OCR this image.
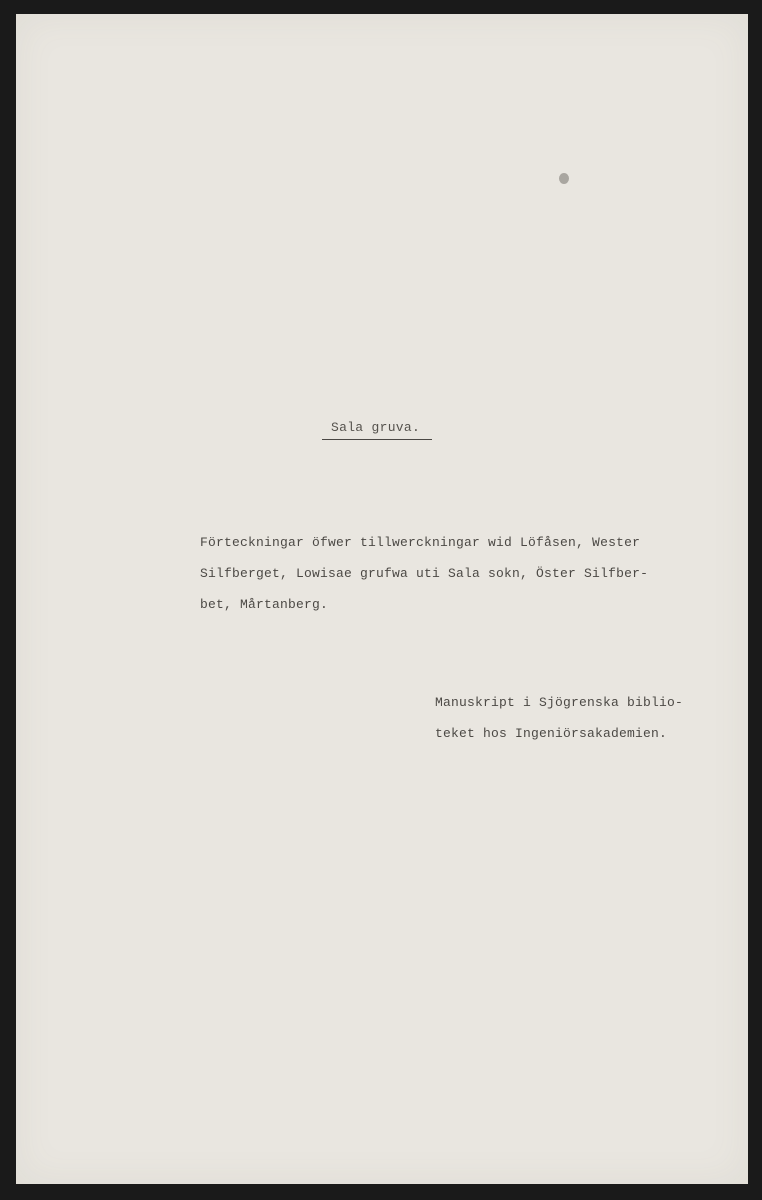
Sala gruva.
Förteckningar öfwer tillwerckningar wid Löfåsen, Wester
Silfberget, Lowisae grufwa uti Sala sokn, Öster Silfber-
bet, Mårtanberg.
Manuskript i Sjögrenska biblio-
teket hos Ingeniörsakademien.
